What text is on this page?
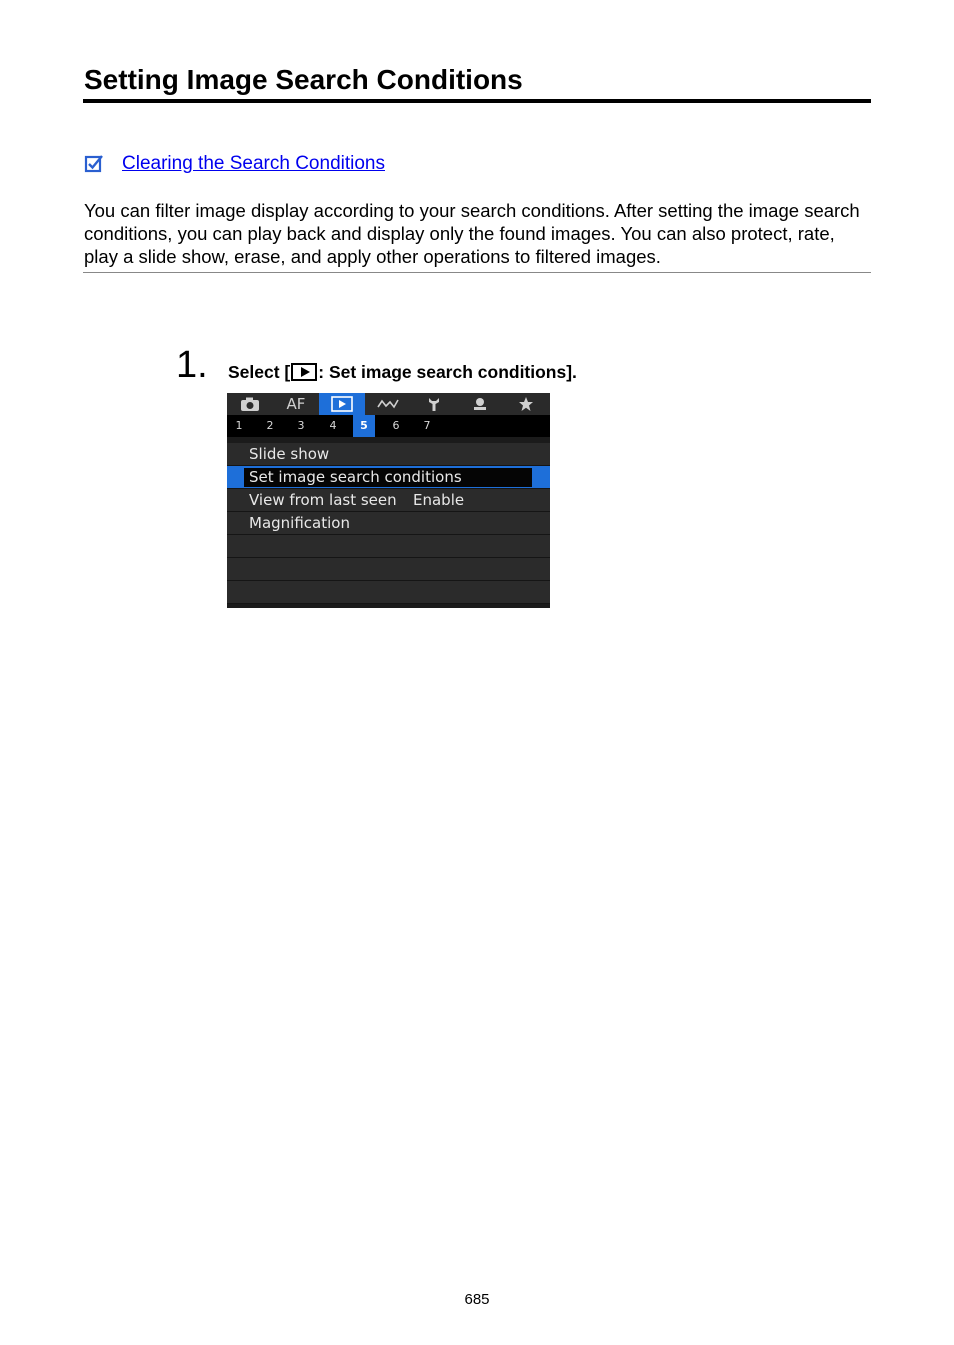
Setting Image Search Conditions
Clearing the Search Conditions

You can filter image display according to your search conditions. After setting the image search conditions, you can play back and display only the found images. You can also protect, rate, play a slide show, erase, and apply other operations to filtered images.

1. Select [ : Set image search conditions].
AF
1	2	3	4	5	6	7
Slide show
Set image search conditions
View from last seen Enable
Magnification
685
